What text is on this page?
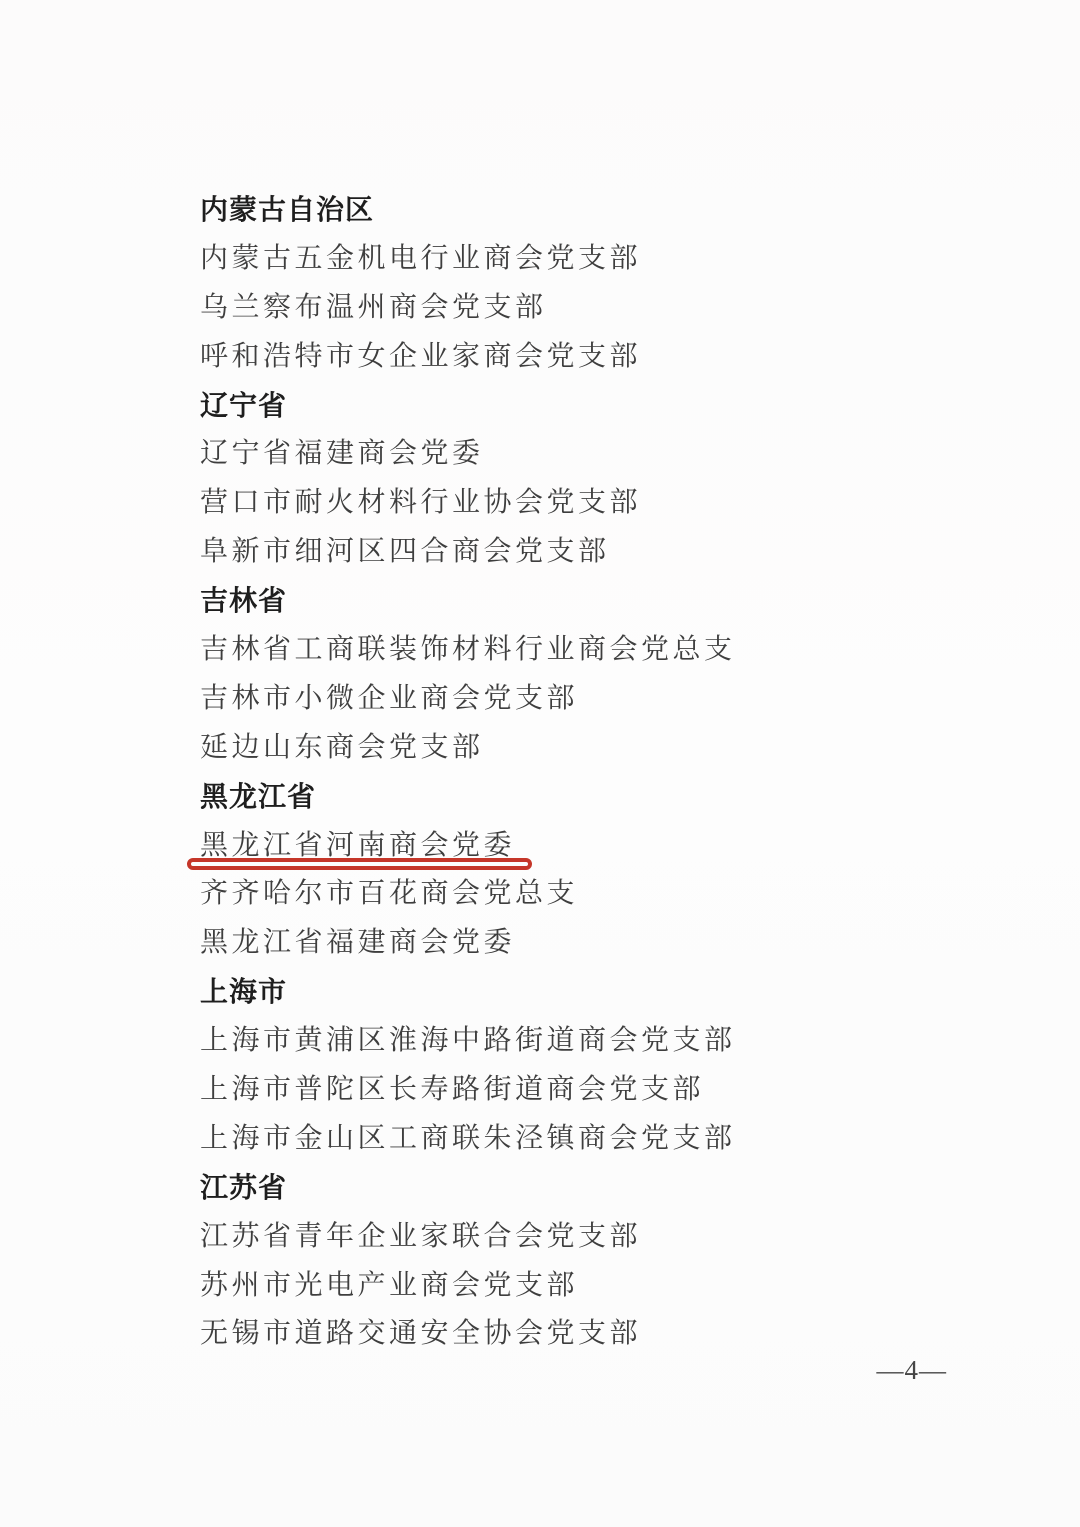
内蒙古自治区
内蒙古五金机电行业商会党支部
乌兰察布温州商会党支部
呼和浩特市女企业家商会党支部
辽宁省
辽宁省福建商会党委
营口市耐火材料行业协会党支部
阜新市细河区四合商会党支部
吉林省
吉林省工商联装饰材料行业商会党总支
吉林市小微企业商会党支部
延边山东商会党支部
黑龙江省
黑龙江省河南商会党委
齐齐哈尔市百花商会党总支
黑龙江省福建商会党委
上海市
上海市黄浦区淮海中路街道商会党支部
上海市普陀区长寿路街道商会党支部
上海市金山区工商联朱泾镇商会党支部
江苏省
江苏省青年企业家联合会党支部
苏州市光电产业商会党支部
无锡市道路交通安全协会党支部
—4—
